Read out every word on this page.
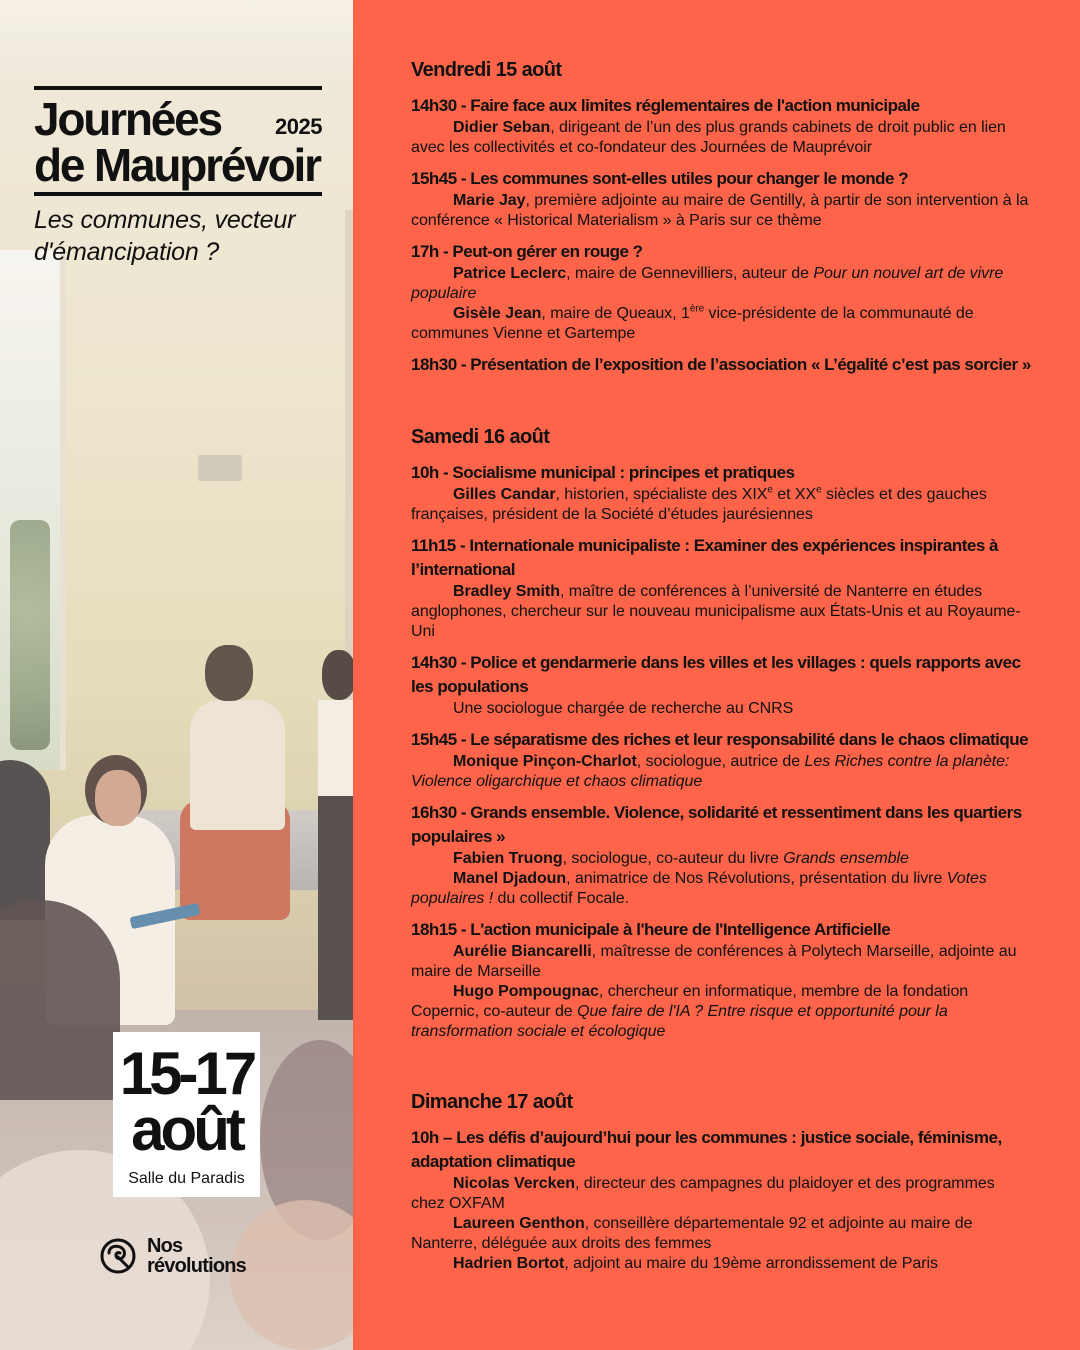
Journées
de Mauprévoir
2025
Les communes, vecteur
d'émancipation ?
15-17
août
Salle du Paradis
Nos
révolutions
Vendredi 15 août
14h30 - Faire face aux limites réglementaires de l'action municipale
Didier Seban, dirigeant de l’un des plus grands cabinets de droit public en lien avec les collectivités et co-fondateur des Journées de Mauprévoir
15h45 - Les communes sont-elles utiles pour changer le monde ?
Marie Jay, première adjointe au maire de Gentilly, à partir de son intervention à la conférence « Historical Materialism » à Paris sur ce thème
17h - Peut-on gérer en rouge ?
Patrice Leclerc, maire de Gennevilliers, auteur de Pour un nouvel art de vivre populaire
Gisèle Jean, maire de Queaux, 1ère vice-présidente de la communauté de communes Vienne et Gartempe
18h30 - Présentation de l’exposition de l’association « L’égalité c’est pas sorcier »
Samedi 16 août
10h - Socialisme municipal : principes et pratiques
Gilles Candar, historien, spécialiste des XIXe et XXe siècles et des gauches françaises, président de la Société d’études jaurésiennes
11h15 - Internationale municipaliste : Examiner des expériences inspirantes à l’international
Bradley Smith, maître de conférences à l’université de Nanterre en études anglophones, chercheur sur le nouveau municipalisme aux États-Unis et au Royaume-Uni
14h30 - Police et gendarmerie dans les villes et les villages : quels rapports avec les populations
Une sociologue chargée de recherche au CNRS
15h45 - Le séparatisme des riches et leur responsabilité dans le chaos climatique
Monique Pinçon-Charlot, sociologue, autrice de Les Riches contre la planète: Violence oligarchique et chaos climatique
16h30 - Grands ensemble. Violence, solidarité et ressentiment dans les quartiers populaires »
Fabien Truong, sociologue, co-auteur du livre Grands ensemble
Manel Djadoun, animatrice de Nos Révolutions, présentation du livre Votes populaires ! du collectif Focale.
18h15 - L'action municipale à l'heure de l'Intelligence Artificielle
Aurélie Biancarelli, maîtresse de conférences à Polytech Marseille, adjointe au maire de Marseille
Hugo Pompougnac, chercheur en informatique, membre de la fondation Copernic, co-auteur de Que faire de l'IA ? Entre risque et opportunité pour la transformation sociale et écologique
Dimanche 17 août
10h – Les défis d’aujourd’hui pour les communes : justice sociale, féminisme, adaptation climatique
Nicolas Vercken, directeur des campagnes du plaidoyer et des programmes chez OXFAM
Laureen Genthon, conseillère départementale 92 et adjointe au maire de Nanterre, déléguée aux droits des femmes
Hadrien Bortot, adjoint au maire du 19ème arrondissement de Paris
